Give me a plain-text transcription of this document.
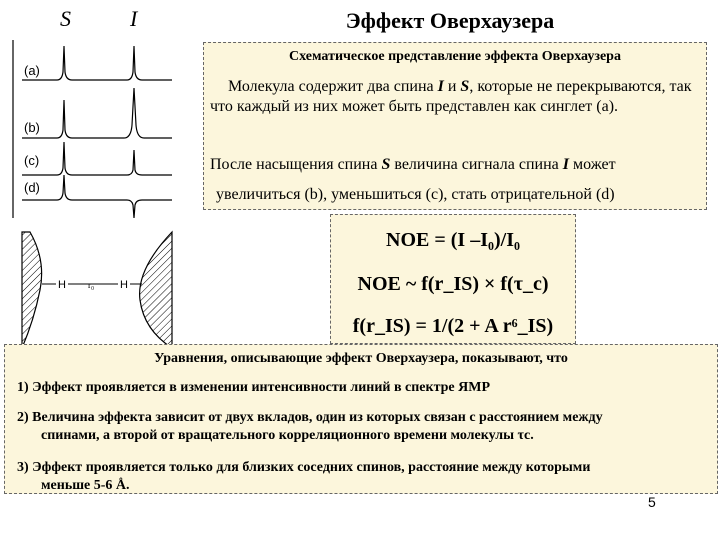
S	I	Эффект Оверхаузера
(a)
(b)
(c)
(d)
Схематическое представление эффекта Оверхаузера

Молекула содержит два спина I и S, которые не перекрываются, так что каждый из них может быть представлен как синглет (a).

После насыщения спина S величина сигнала спина I может

увеличиться (b), уменьшиться (c), стать отрицательной (d)

H r₀ H
NOE = (I –I₀)/I₀
NOE ~ f(r_IS) × f(τ_c)
f(r_IS) = 1/(2 + A r⁶_IS)
Уравнения, описывающие эффект Оверхаузера, показывают, что
1) Эффект проявляется в изменении интенсивности линий в спектре ЯМР
2) Величина эффекта зависит от двух вкладов, один из которых связан с расстоянием между
спинами, а второй от вращательного корреляционного времени молекулы τc.
3) Эффект проявляется только для близких соседних спинов, расстояние между которыми
меньше 5-6 Å.
5
